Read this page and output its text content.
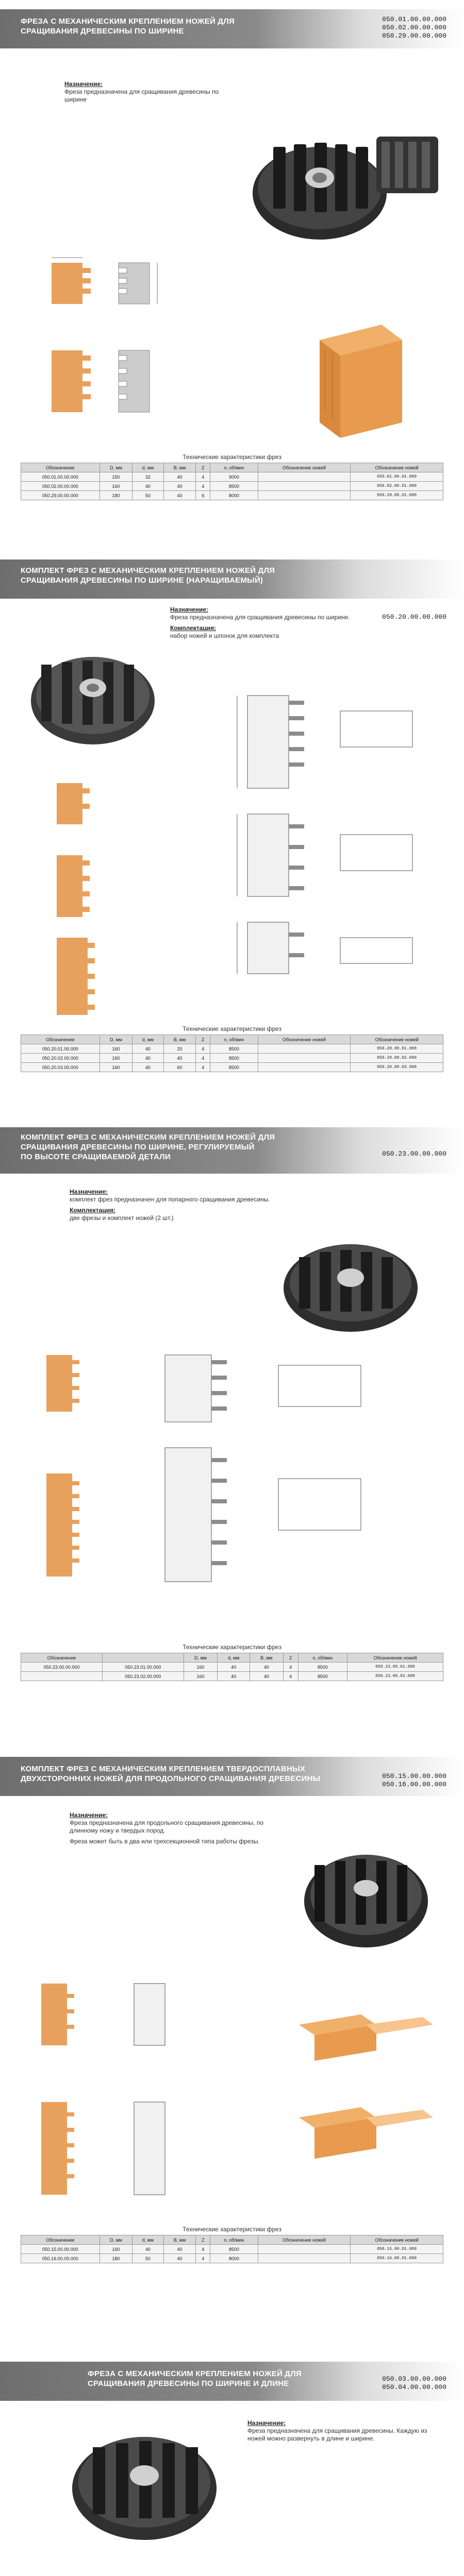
ФРЕЗА С МЕХАНИЧЕСКИМ КРЕПЛЕНИЕМ НОЖЕЙ ДЛЯ
СРАЩИВАНИЯ ДРЕВЕСИНЫ ПО ШИРИНЕ
050.01.00.00.000
050.02.00.00.000
050.29.00.00.000
Назначение:
Фреза предназначена для сращивания древесины по ширине
Технические характеристики фрез
Обозначение	D, мм	d, мм	B, мм	Z	n, об/мин	Обозначение ножей	Обозначение ножей
050.01.00.00.000	150	32	40	4	9000		050.01.00.01.000
050.02.00.00.000	160	40	40	4	8500		050.02.00.01.000
050.29.00.00.000	180	50	40	6	8000		050.29.00.01.000
КОМПЛЕКТ ФРЕЗ С МЕХАНИЧЕСКИМ КРЕПЛЕНИЕМ НОЖЕЙ ДЛЯ
СРАЩИВАНИЯ ДРЕВЕСИНЫ ПО ШИРИНЕ (НАРАЩИВАЕМЫЙ)
050.20.00.00.000
Назначение:
Фреза предназначена для сращивания древесины по ширине.
Комплектация:
набор ножей и шпонок для комплекта
Технические характеристики фрез
Обозначение	D, мм	d, мм	B, мм	Z	n, об/мин	Обозначение ножей	Обозначение ножей
050.20.01.00.000	160	40	20	4	8500		050.20.00.01.000
050.20.02.00.000	160	40	40	4	8500		050.20.00.02.000
050.20.03.00.000	160	40	60	4	8500		050.20.00.03.000
КОМПЛЕКТ ФРЕЗ С МЕХАНИЧЕСКИМ КРЕПЛЕНИЕМ НОЖЕЙ ДЛЯ
СРАЩИВАНИЯ ДРЕВЕСИНЫ ПО ШИРИНЕ, РЕГУЛИРУЕМЫЙ
ПО ВЫСОТЕ СРАЩИВАЕМОЙ ДЕТАЛИ	050.23.00.00.000
Назначение:
комплект фрез предназначен для попарного сращивания древесины.
Комплектация:
две фрезы и комплект ножей (2 шт.)
Технические характеристики фрез
Обозначение		D, мм	d, мм	B, мм	Z	n, об/мин	Обозначение ножей
050.23.00.00.000	050.23.01.00.000	160	40	40	4	8500	050.23.00.01.000
	050.23.02.00.000	160	40	40	4	8500	050.23.00.02.000
КОМПЛЕКТ ФРЕЗ С МЕХАНИЧЕСКИМ КРЕПЛЕНИЕМ ТВЕРДОСПЛАВНЫХ
ДВУХСТОРОННИХ НОЖЕЙ ДЛЯ ПРОДОЛЬНОГО СРАЩИВАНИЯ ДРЕВЕСИНЫ	050.15.00.00.000
050.16.00.00.000
Назначение:
Фреза предназначена для продольного сращивания древесины, по длинному ножу и твердых пород.
Фреза может быть в два или трехсекционной типа работы фрезы.
Технические характеристики фрез
Обозначение	D, мм	d, мм	B, мм	Z	n, об/мин	Обозначение ножей	Обозначение ножей
050.15.00.00.000	160	40	40	4	8500		050.15.00.01.000
050.16.00.00.000	180	50	40	4	8000		050.16.00.01.000
ФРЕЗА С МЕХАНИЧЕСКИМ КРЕПЛЕНИЕМ НОЖЕЙ ДЛЯ
СРАЩИВАНИЯ ДРЕВЕСИНЫ ПО ШИРИНЕ И ДЛИНЕ
050.03.00.00.000
050.04.00.00.000
Назначение:
Фреза предназначена для сращивания древесины. Каждую из ножей можно развернуть в длине и ширине.
